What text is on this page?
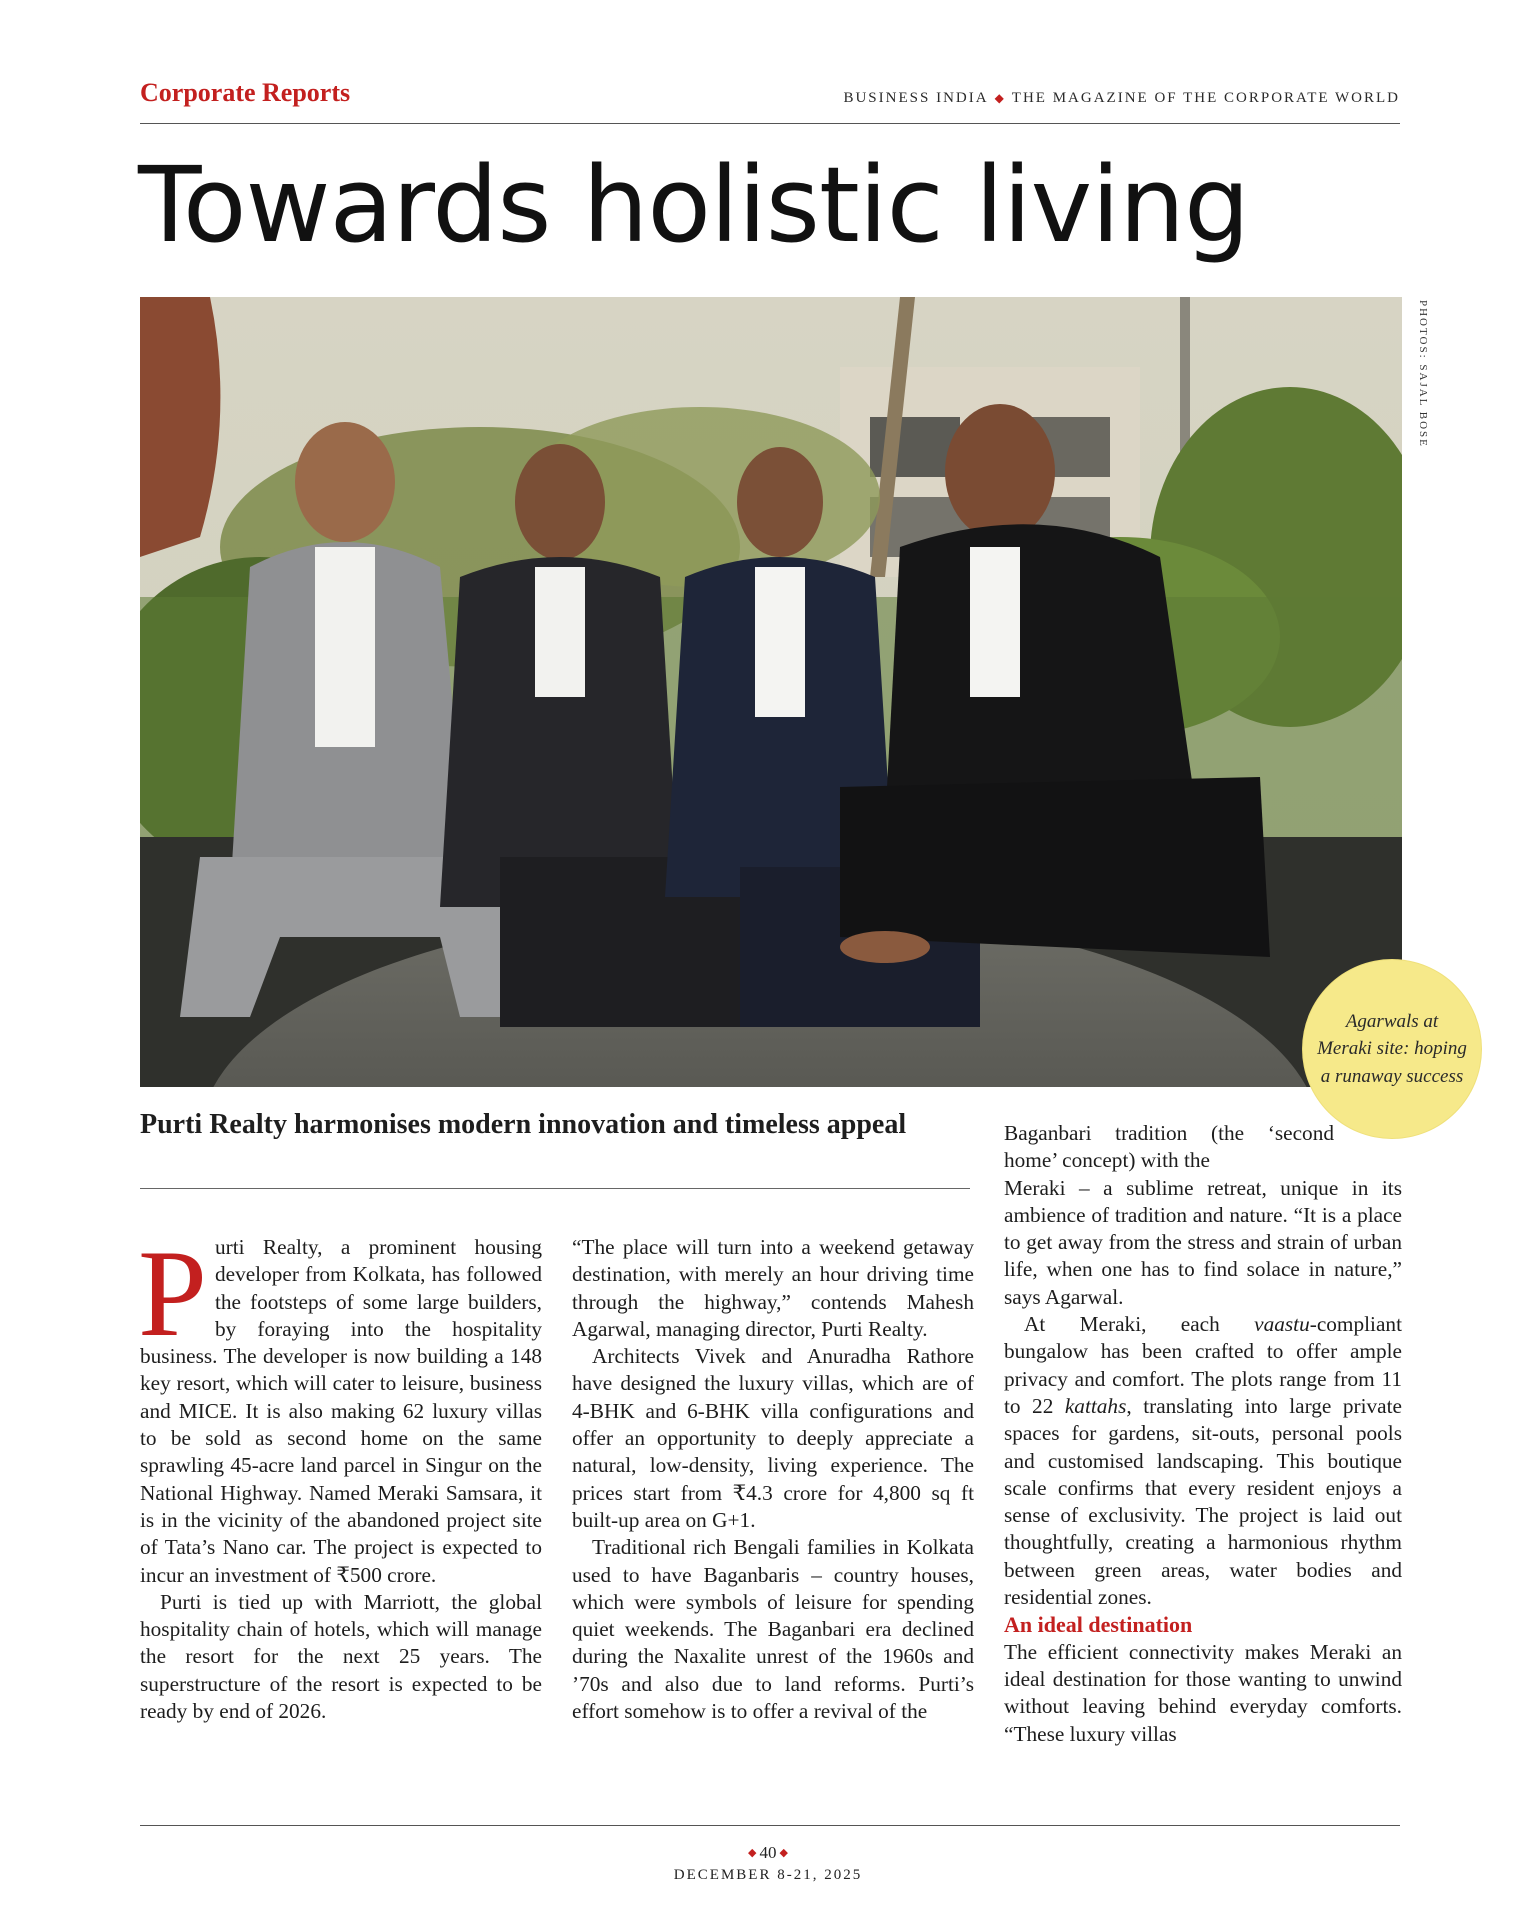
Corporate Reports	BUSINESS INDIA ◆ THE MAGAZINE OF THE CORPORATE WORLD
Towards holistic living
PHOTOS: SAJAL BOSE
Agarwals at Meraki site: hoping a runaway success
Purti Realty harmonises modern innovation and timeless appeal

Purti Realty, a prominent housing developer from Kolkata, has followed the footsteps of some large builders, by foraying into the hospitality business. The developer is now building a 148 key resort, which will cater to leisure, business and MICE. It is also making 62 luxury villas to be sold as second home on the same sprawling 45-acre land parcel in Singur on the National Highway. Named Meraki Samsara, it is in the vicinity of the abandoned project site of Tata’s Nano car. The project is expected to incur an investment of ₹500 crore.

Purti is tied up with Marriott, the global hospitality chain of hotels, which will manage the resort for the next 25 years. The superstructure of the resort is expected to be ready by end of 2026.

“The place will turn into a weekend getaway destination, with merely an hour driving time through the highway,” contends Mahesh Agarwal, managing director, Purti Realty.

Architects Vivek and Anuradha Rathore have designed the luxury villas, which are of 4-BHK and 6-BHK villa configurations and offer an opportunity to deeply appreciate a natural, low-density, living experience. The prices start from ₹4.3 crore for 4,800 sq ft built-up area on G+1.

Traditional rich Bengali families in Kolkata used to have Baganbaris – country houses, which were symbols of leisure for spending quiet weekends. The Baganbari era declined during the Naxalite unrest of the 1960s and ’70s and also due to land reforms. Purti’s effort somehow is to offer a revival of the

Baganbari tradition (the ‘second home’ concept) with the

Meraki – a sublime retreat, unique in its ambience of tradition and nature. “It is a place to get away from the stress and strain of urban life, when one has to find solace in nature,” says Agarwal.

At Meraki, each vaastu-compliant bungalow has been crafted to offer ample privacy and comfort. The plots range from 11 to 22 kattahs, translating into large private spaces for gardens, sit-outs, personal pools and customised landscaping. This boutique scale confirms that every resident enjoys a sense of exclusivity. The project is laid out thoughtfully, creating a harmonious rhythm between green areas, water bodies and residential zones.

An ideal destination

The efficient connectivity makes Meraki an ideal destination for those wanting to unwind without leaving behind everyday comforts. “These luxury villas

◆ 40 ◆
DECEMBER 8-21, 2025
